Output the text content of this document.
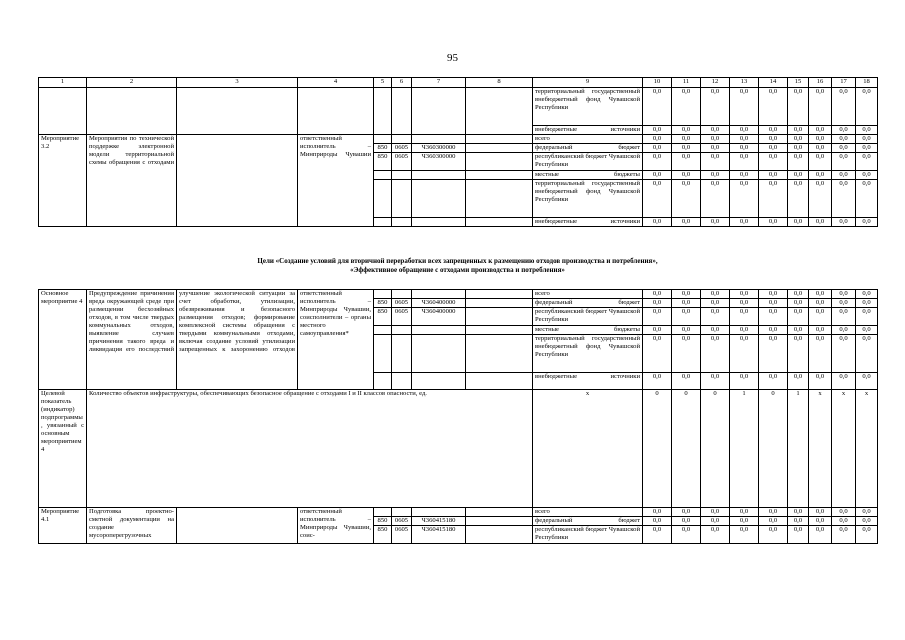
95
1	2	3	4	5	6	7	8	9	10	11	12	13	14	15	16	17	18
								территориальный государственный внебюджетный фонд Чувашской Республики	0,0	0,0	0,0	0,0	0,0	0,0	0,0	0,0	0,0
								внебюджетные источники	0,0	0,0	0,0	0,0	0,0	0,0	0,0	0,0	0,0
Мероприятие 3.2	Мероприятия по технической поддержке электронной модели территориальной схемы обращения с отходами		ответственный исполнитель – Минприроды Чувашии					всего	0,0	0,0	0,0	0,0	0,0	0,0	0,0	0,0	0,0
				850	0605	Ч360300000		федеральный бюджет	0,0	0,0	0,0	0,0	0,0	0,0	0,0	0,0	0,0
				850	0605	Ч360300000		республиканский бюджет Чувашской Республики	0,0	0,0	0,0	0,0	0,0	0,0	0,0	0,0	0,0
								местные бюджеты	0,0	0,0	0,0	0,0	0,0	0,0	0,0	0,0	0,0
								территориальный государственный внебюджетный фонд Чувашской Республики	0,0	0,0	0,0	0,0	0,0	0,0	0,0	0,0	0,0
								внебюджетные источники	0,0	0,0	0,0	0,0	0,0	0,0	0,0	0,0	0,0
Цели «Создание условий для вторичной переработки всех запрещенных к размещению отходов производства и потребления»,
«Эффективное обращение с отходами производства и потребления»
Основное мероприятие 4	Предупреждение причинения вреда окружающей среде при размещении бесхозяйных отходов, в том числе твердых коммунальных отходов, выявление случаев причинения такого вреда и ликвидация его последствий	улучшение экологической ситуации за счет обработки, утилизации, обезвреживания и безопасного размещения отходов; формирование комплексной системы обращения с твердыми коммунальными отходами, включая создание условий утилизации запрещенных к захоронению отходов	ответственный исполнитель – Минприроды Чувашии, соисполнители – органы местного самоуправления*					всего	0,0	0,0	0,0	0,0	0,0	0,0	0,0	0,0	0,0
				850	0605	Ч360400000		федеральный бюджет	0,0	0,0	0,0	0,0	0,0	0,0	0,0	0,0	0,0
				850	0605	Ч360400000		республиканский бюджет Чувашской Республики	0,0	0,0	0,0	0,0	0,0	0,0	0,0	0,0	0,0
								местные бюджеты	0,0	0,0	0,0	0,0	0,0	0,0	0,0	0,0	0,0
								территориальный государственный внебюджетный фонд Чувашской Республики	0,0	0,0	0,0	0,0	0,0	0,0	0,0	0,0	0,0
								внебюджетные источники	0,0	0,0	0,0	0,0	0,0	0,0	0,0	0,0	0,0
Целевой показатель (индикатор) подпрограммы, увязанный с основным мероприятием 4	Количество объектов инфраструктуры, обеспечивающих безопасное обращение с отходами I и II классов опасности, ед.							x	0	0	0	1	0	1	x	x	x
Мероприятие 4.1	Подготовка проектно-сметной документации на создание мусороперегрузочных		ответственный исполнитель – Минприроды Чувашии, соис-					всего	0,0	0,0	0,0	0,0	0,0	0,0	0,0	0,0	0,0
				850	0605	Ч360415180		федеральный бюджет	0,0	0,0	0,0	0,0	0,0	0,0	0,0	0,0	0,0
				850	0605	Ч360415180		республиканский бюджет Чувашской Республики	0,0	0,0	0,0	0,0	0,0	0,0	0,0	0,0	0,0
